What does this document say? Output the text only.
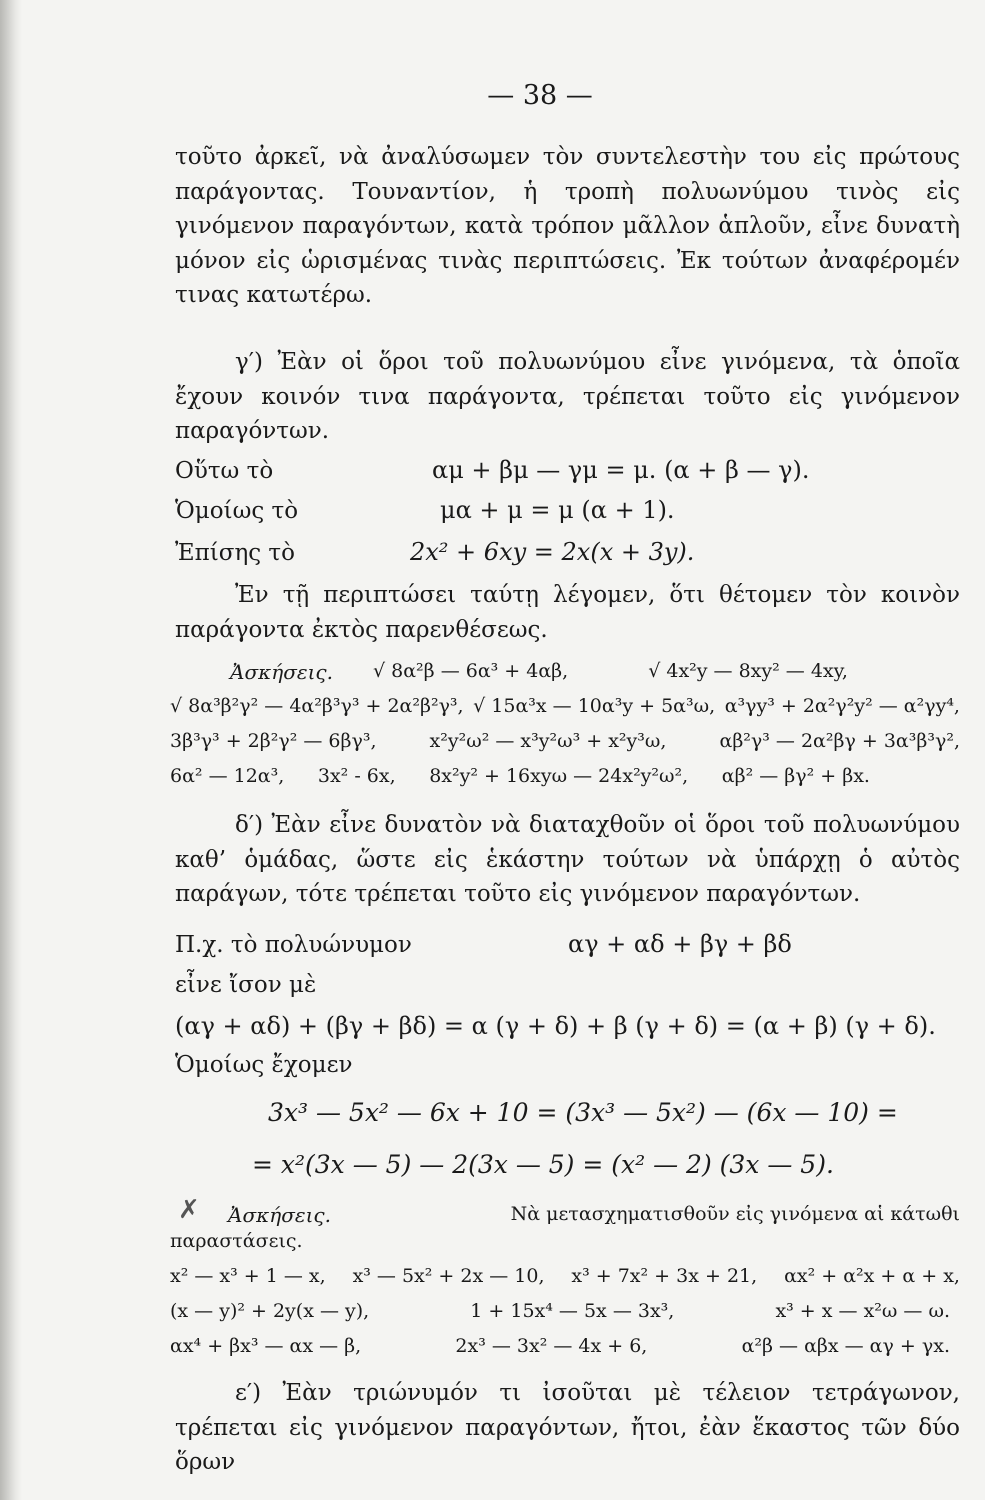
— 38 —
τοῦτο ἀρκεῖ, νὰ ἀναλύσωμεν τὸν συντελεστὴν του εἰς πρώτους παράγοντας. Τουναντίον, ἡ τροπὴ πολυωνύμου τινὸς εἰς γινόμενον παραγόντων, κατὰ τρόπον μᾶλλον ἁπλοῦν, εἶνε δυνατὴ μόνον εἰς ὡρισμένας τινὰς περιπτώσεις. Ἐκ τούτων ἀναφέρομέν τινας κατωτέρω.
γ′) Ἐὰν οἱ ὅροι τοῦ πολυωνύμου εἶνε γινόμενα, τὰ ὁποῖα ἔχουν κοινόν τινα παράγοντα, τρέπεται τοῦτο εἰς γινόμενον παραγόντων.
Οὕτω τὸ	αμ + βμ — γμ = μ. (α + β — γ).
Ὁμοίως τὸ	μα + μ = μ (α + 1).
Ἐπίσης τὸ	2x² + 6xy = 2x(x + 3y).
Ἐν τῇ περιπτώσει ταύτῃ λέγομεν, ὅτι θέτομεν τὸν κοινὸν παράγοντα ἐκτὸς παρενθέσεως.
Ἀσκήσεις. √ 8α²β — 6α³ + 4αβ,	√ 4x²y — 8xy² — 4xy,
√ 8α³β²γ² — 4α²β³γ³ + 2α²β²γ³, √ 15α³x — 10α³y + 5α³ω, α³γy³ + 2α²γ²y² — α²γy⁴,
3β³γ³ + 2β²γ² — 6βγ³,	x²y²ω² — x³y²ω³ + x²y³ω,	αβ²γ³ — 2α²βγ + 3α³β³γ²,
6α² — 12α³, 3x² - 6x, 8x²y² + 16xyω — 24x²y²ω², αβ² — βγ² + βx.
δ′) Ἐὰν εἶνε δυνατὸν νὰ διαταχθοῦν οἱ ὅροι τοῦ πολυωνύμου καθ’ ὁμάδας, ὥστε εἰς ἑκάστην τούτων νὰ ὑπάρχῃ ὁ αὐτὸς παράγων, τότε τρέπεται τοῦτο εἰς γινόμενον παραγόντων.
Π.χ. τὸ πολυώνυμον	αγ + αδ + βγ + βδ
εἶνε ἴσον μὲ
(αγ + αδ) + (βγ + βδ) = α (γ + δ) + β (γ + δ) = (α + β) (γ + δ).
Ὁμοίως ἔχομεν
3x³ — 5x² — 6x + 10 = (3x³ — 5x²) — (6x — 10) =
= x²(3x — 5) — 2(3x — 5) = (x² — 2) (3x — 5).
✗ Ἀσκήσεις.	Νὰ μετασχηματισθοῦν εἰς γινόμενα αἱ κάτωθι
παραστάσεις.
x² — x³ + 1 — x, x³ — 5x² + 2x — 10, x³ + 7x² + 3x + 21, αx² + α²x + α + x,
(x — y)² + 2y(x — y),	1 + 15x⁴ — 5x — 3x³,	x³ + x — x²ω — ω.
αx⁴ + βx³ — αx — β,	2x³ — 3x² — 4x + 6,	α²β — αβx — αγ + γx.
ε′) Ἐὰν τριώνυμόν τι ἰσοῦται μὲ τέλειον τετράγωνον, τρέπεται εἰς γινόμενον παραγόντων, ἤτοι, ἐὰν ἕκαστος τῶν δύο ὅρων
